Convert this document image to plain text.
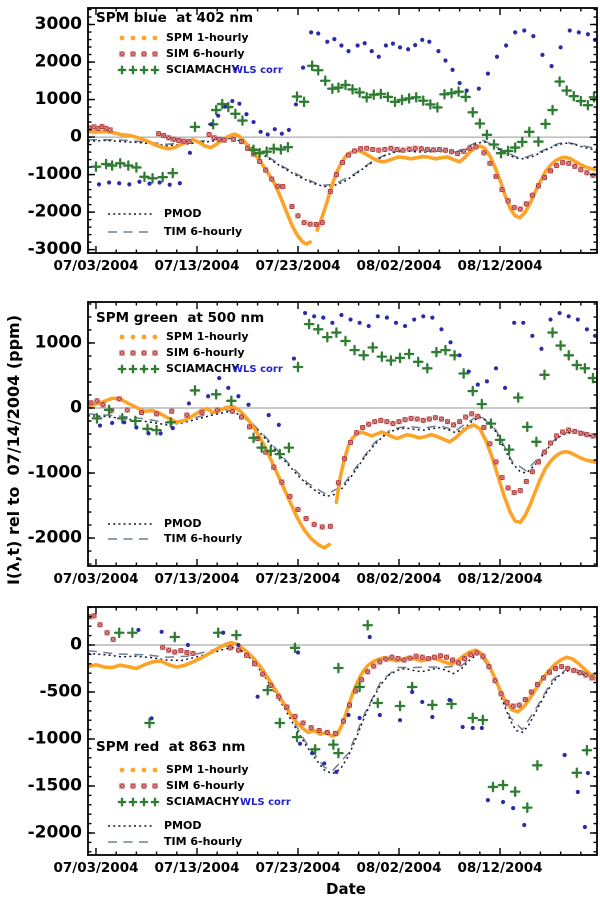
I(λ,t) rel to  07/14/2004 (ppm)
Date
SPM blue  at 402 nm
SPM 1-hourly
SIM 6-hourly
SCIAMACHY
WLS corr
PMOD
TIM 6-hourly
SPM green  at 500 nm
SPM 1-hourly
SIM 6-hourly
SCIAMACHY
WLS corr
PMOD
TIM 6-hourly
SPM red  at 863 nm
SPM 1-hourly
SIM 6-hourly
SCIAMACHY WLS corr
PMOD
TIM 6-hourly
